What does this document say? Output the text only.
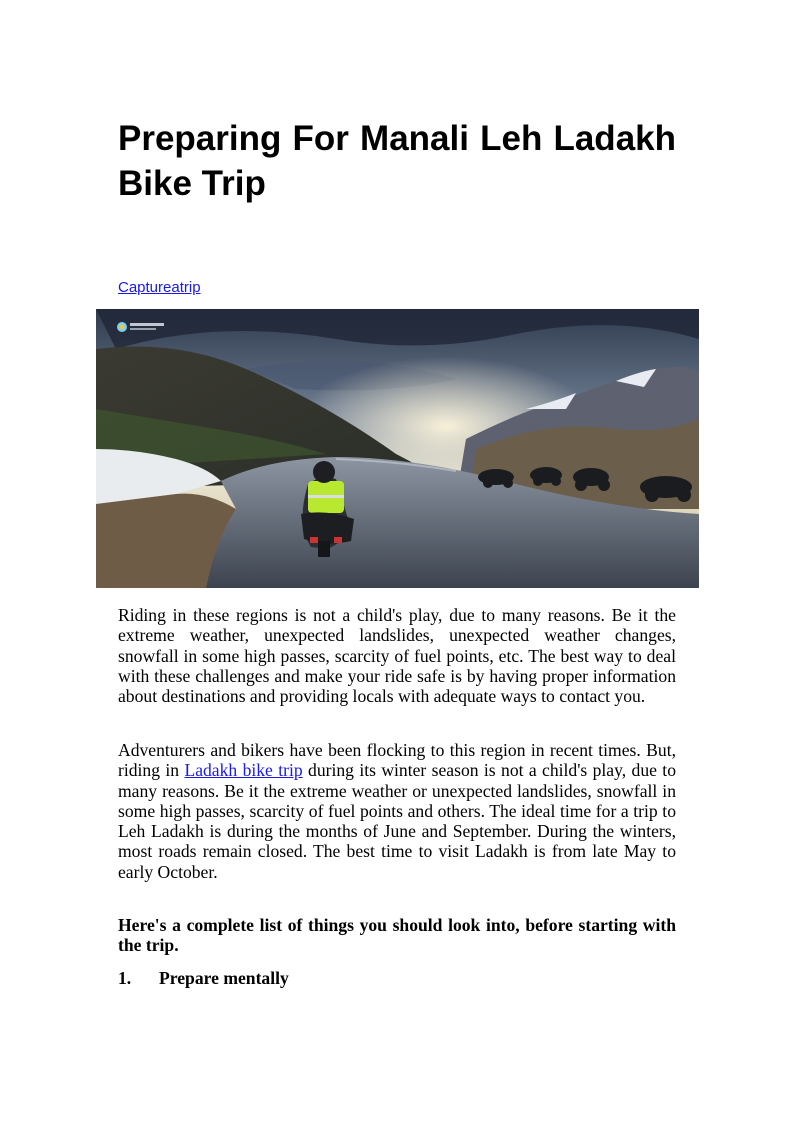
Preparing For Manali Leh Ladakh Bike Trip
Captureatrip

Riding in these regions is not a child's play, due to many reasons. Be it the extreme weather, unexpected landslides, unexpected weather changes, snowfall in some high passes, scarcity of fuel points, etc. The best way to deal with these challenges and make your ride safe is by having proper information about destinations and providing locals with adequate ways to contact you.

Adventurers and bikers have been flocking to this region in recent times. But, riding in Ladakh bike trip during its winter season is not a child's play, due to many reasons. Be it the extreme weather or unexpected landslides, snowfall in some high passes, scarcity of fuel points and others. The ideal time for a trip to Leh Ladakh is during the months of June and September. During the winters, most roads remain closed. The best time to visit Ladakh is from late May to early October.

Here's a complete list of things you should look into, before starting with the trip.

1. Prepare mentally
